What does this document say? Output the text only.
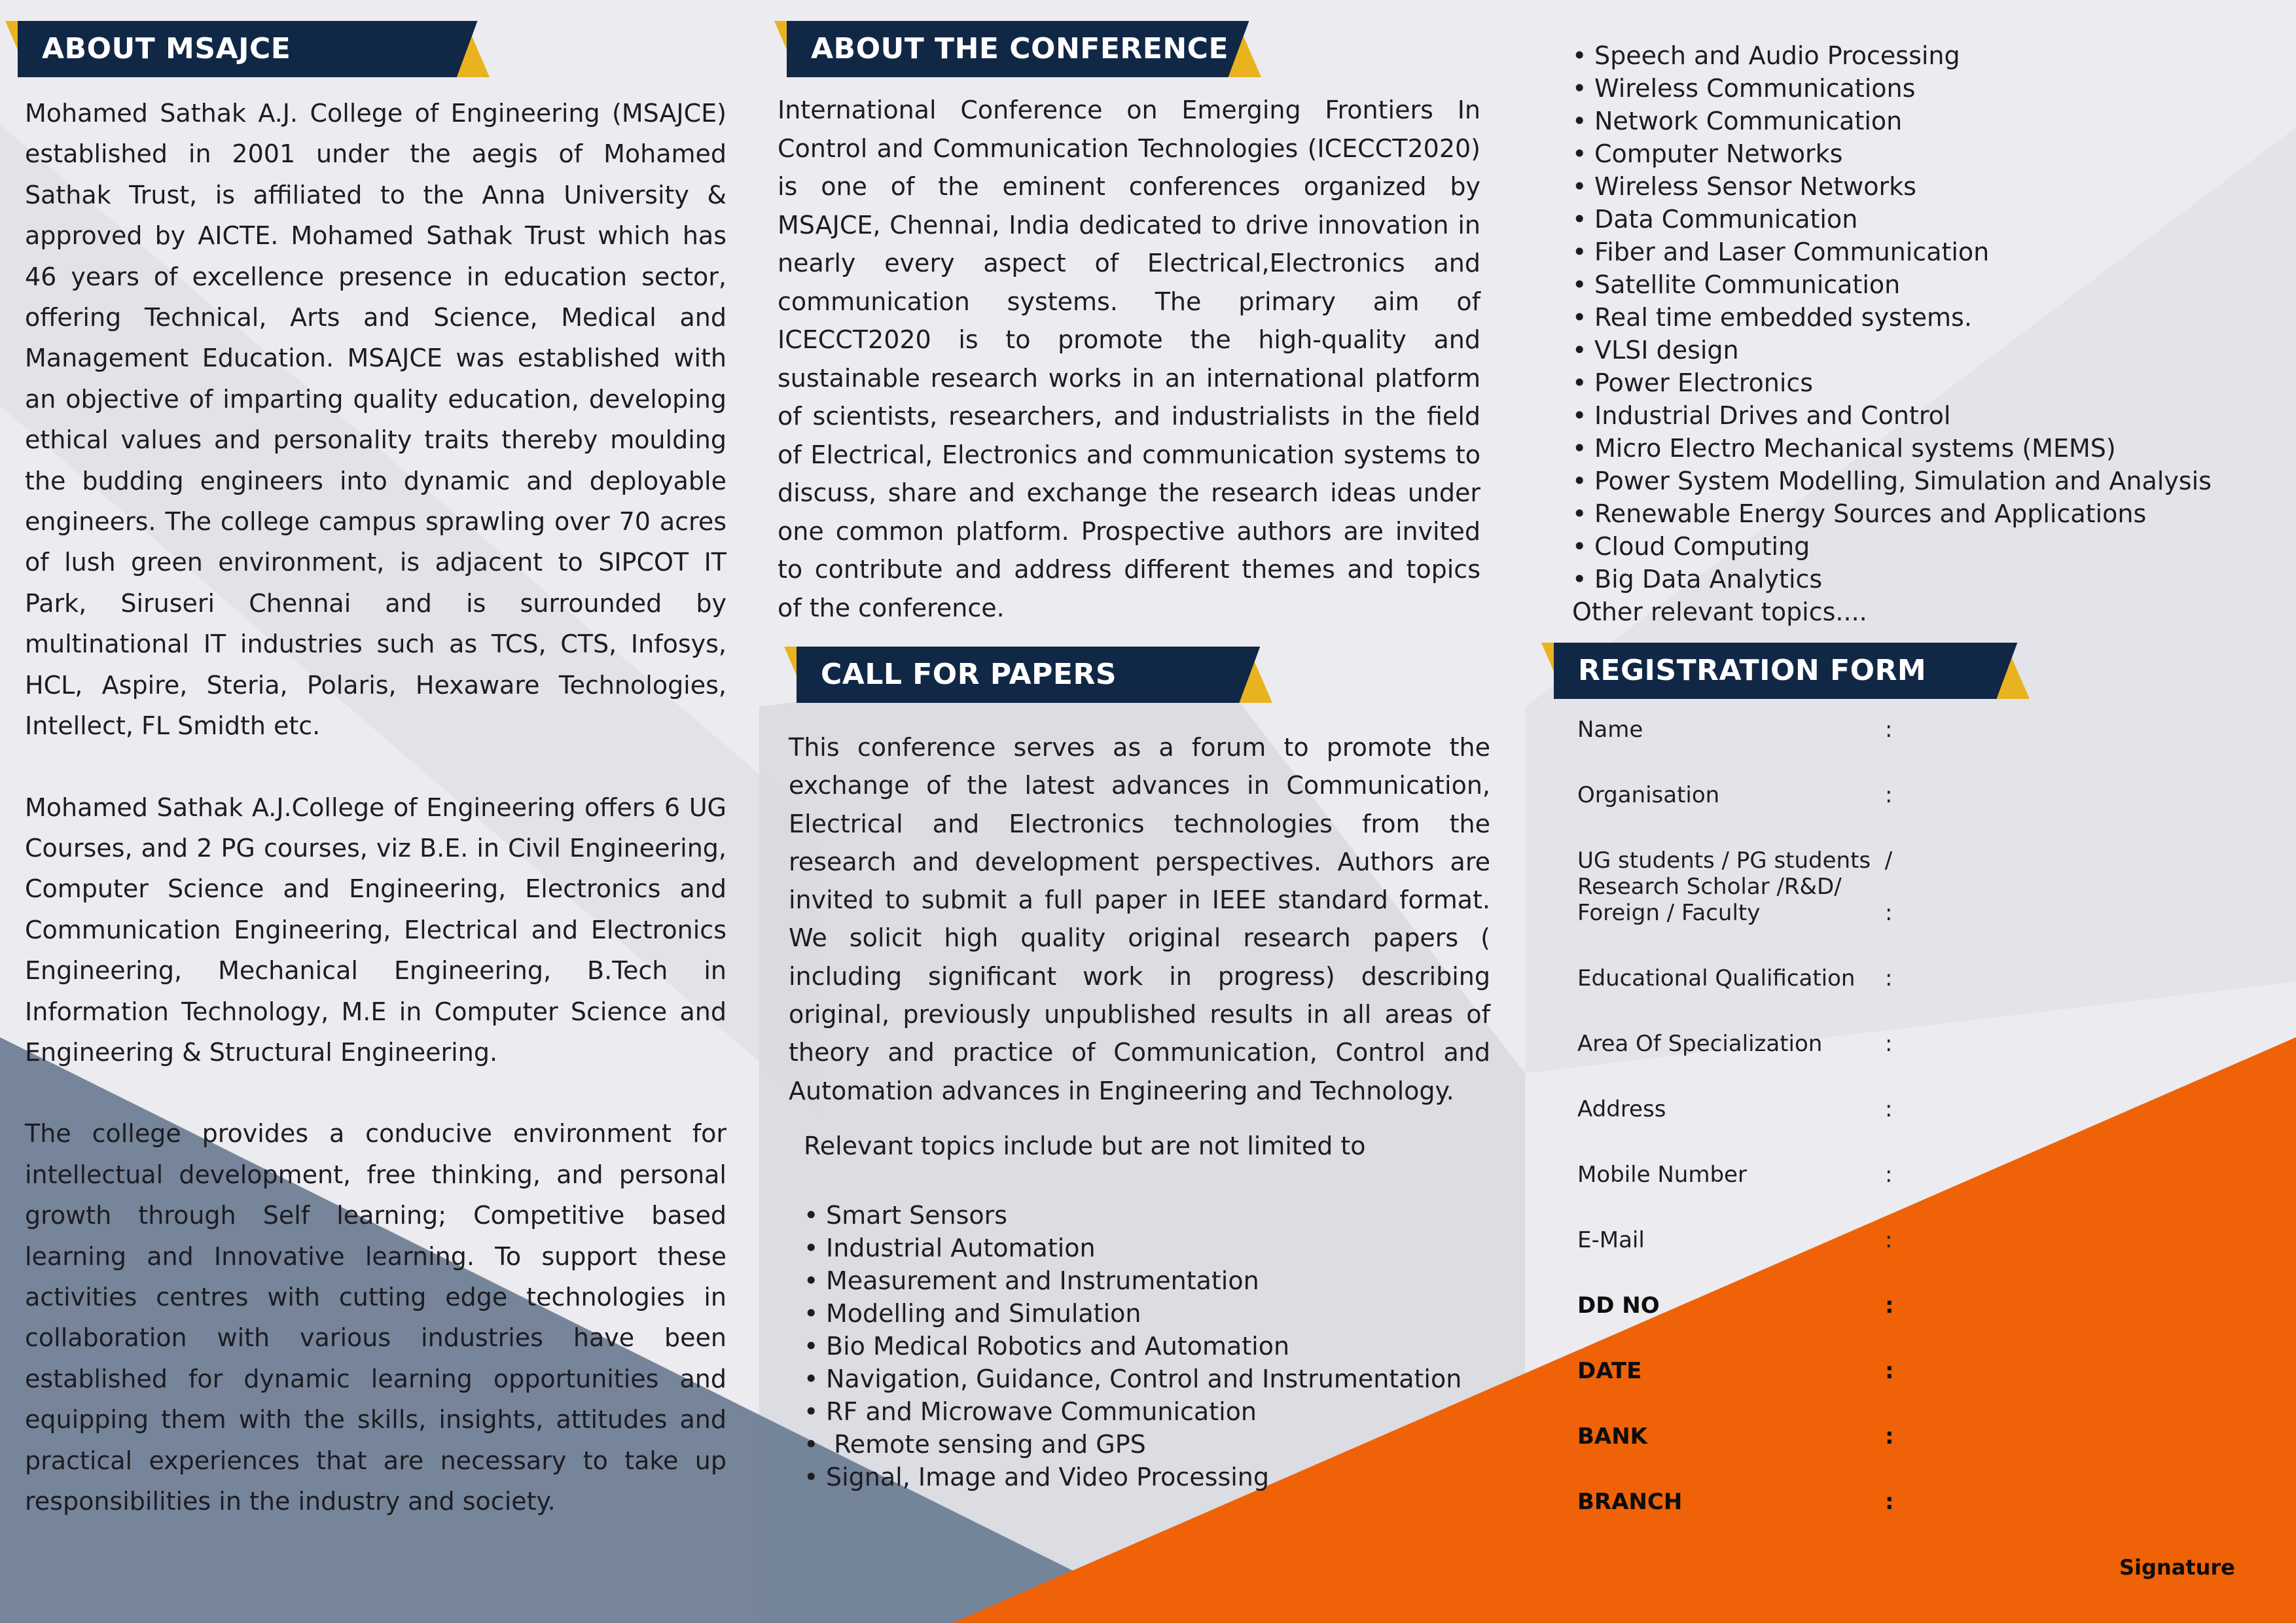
ABOUT MSAJCE

Mohamed Sathak A.J. College of Engineering (MSAJCE) established in 2001 under the aegis of Mohamed Sathak Trust, is affiliated to the Anna University & approved by AICTE. Mohamed Sathak Trust which has 46 years of excellence presence in education sector, offering Technical, Arts and Science, Medical and Management Education. MSAJCE was established with an objective of imparting quality education, developing ethical values and personality traits thereby moulding the budding engineers into dynamic and deployable engineers. The college campus sprawling over 70 acres of lush green environment, is adjacent to SIPCOT IT Park, Siruseri Chennai and is surrounded by multinational IT industries such as TCS, CTS, Infosys, HCL, Aspire, Steria, Polaris, Hexaware Technologies, Intellect, FL Smidth etc.

Mohamed Sathak A.J.College of Engineering offers 6 UG Courses, and 2 PG courses, viz B.E. in Civil Engineering, Computer Science and Engineering, Electronics and Communication Engineering, Electrical and Electronics Engineering, Mechanical Engineering, B.Tech in Information Technology, M.E in Computer Science and Engineering & Structural Engineering.

The college provides a conducive environment for intellectual development, free thinking, and personal growth through Self learning; Competitive based learning and Innovative learning. To support these activities centres with cutting edge technologies in collaboration with various industries have been established for dynamic learning opportunities and equipping them with the skills, insights, attitudes and practical experiences that are necessary to take up responsibilities in the industry and society.

ABOUT THE CONFERENCE

International Conference on Emerging Frontiers In Control and Communication Technologies (ICECCT2020) is one of the eminent conferences organized by MSAJCE, Chennai, India dedicated to drive innovation in nearly every aspect of Electrical,Electronics and communication systems. The primary aim of ICECCT2020 is to promote the high-quality and sustainable research works in an international platform of scientists, researchers, and industrialists in the field of Electrical, Electronics and communication systems to discuss, share and exchange the research ideas under one common platform. Prospective authors are invited to contribute and address different themes and topics of the conference.

CALL FOR PAPERS

This conference serves as a forum to promote the exchange of the latest advances in Communication, Electrical and Electronics technologies from the research and development perspectives. Authors are invited to submit a full paper in IEEE standard format. We solicit high quality original research papers ( including significant work in progress) describing original, previously unpublished results in all areas of theory and practice of Communication, Control and Automation advances in Engineering and Technology.

Relevant topics include but are not limited to
• Smart Sensors
• Industrial Automation
• Measurement and Instrumentation
• Modelling and Simulation
• Bio Medical Robotics and Automation
• Navigation, Guidance, Control and Instrumentation
• RF and Microwave Communication
• Remote sensing and GPS
• Signal, Image and Video Processing
• Speech and Audio Processing
• Wireless Communications
• Network Communication
• Computer Networks
• Wireless Sensor Networks
• Data Communication
• Fiber and Laser Communication
• Satellite Communication
• Real time embedded systems.
• VLSI design
• Power Electronics
• Industrial Drives and Control
• Micro Electro Mechanical systems (MEMS)
• Power System Modelling, Simulation and Analysis
• Renewable Energy Sources and Applications
• Cloud Computing
• Big Data Analytics
Other relevant topics....
REGISTRATION FORM
Name	:
Organisation	:
UG students / PG students  /
Research Scholar /R&D/
Foreign / Faculty	:
Educational Qualification :
Area Of Specialization	:
Address	:
Mobile Number	:
E-Mail	:
DD NO	:
DATE	:
BANK	:
BRANCH	:
Signature
